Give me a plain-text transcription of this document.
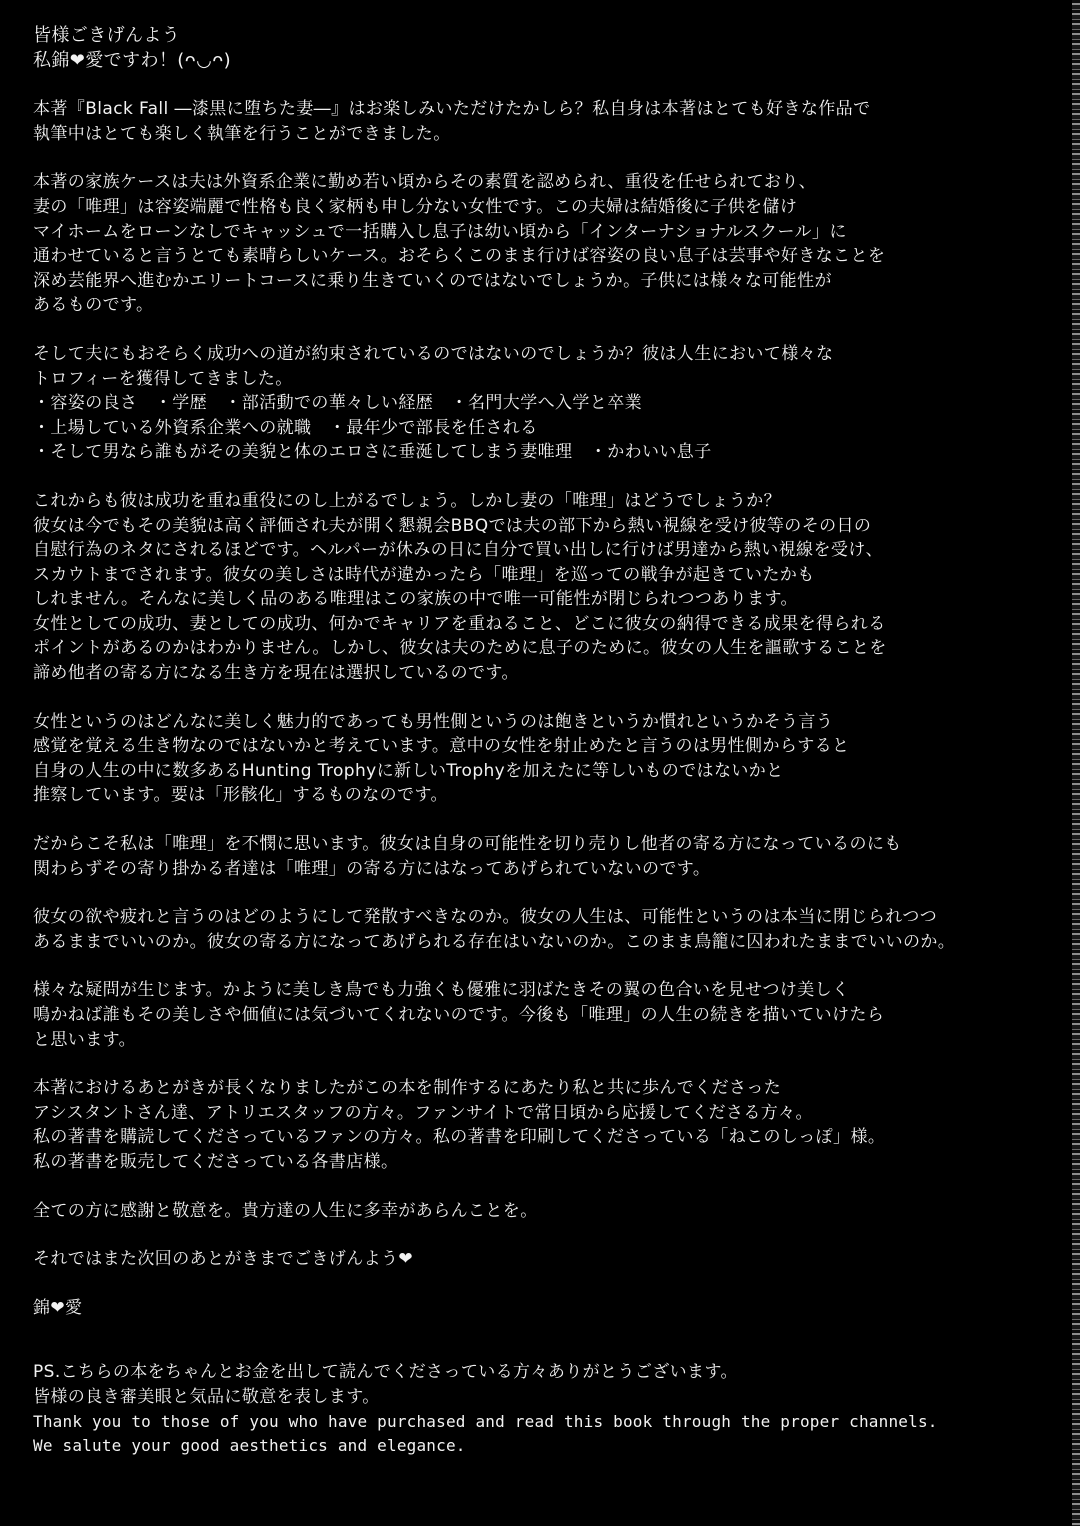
皆様ごきげんよう
私錦❤愛ですわ！(ᴖ◡ᴖ)
本著『Black Fall ―漆黒に堕ちた妻―』はお楽しみいただけたかしら？私自身は本著はとても好きな作品で
執筆中はとても楽しく執筆を行うことができました。
本著の家族ケースは夫は外資系企業に勤め若い頃からその素質を認められ、重役を任せられており、
妻の「唯理」は容姿端麗で性格も良く家柄も申し分ない女性です。この夫婦は結婚後に子供を儲け
マイホームをローンなしでキャッシュで一括購入し息子は幼い頃から「インターナショナルスクール」に
通わせていると言うとても素晴らしいケース。おそらくこのまま行けば容姿の良い息子は芸事や好きなことを
深め芸能界へ進むかエリートコースに乗り生きていくのではないでしょうか。子供には様々な可能性が
あるものです。
そして夫にもおそらく成功への道が約束されているのではないのでしょうか？彼は人生において様々な
トロフィーを獲得してきました。
・容姿の良さ　・学歴　・部活動での華々しい経歴　・名門大学へ入学と卒業
・上場している外資系企業への就職　・最年少で部長を任される
・そして男なら誰もがその美貌と体のエロさに垂涎してしまう妻唯理　・かわいい息子
これからも彼は成功を重ね重役にのし上がるでしょう。しかし妻の「唯理」はどうでしょうか？
彼女は今でもその美貌は高く評価され夫が開く懇親会BBQでは夫の部下から熱い視線を受け彼等のその日の
自慰行為のネタにされるほどです。ヘルパーが休みの日に自分で買い出しに行けば男達から熱い視線を受け、
スカウトまでされます。彼女の美しさは時代が違かったら「唯理」を巡っての戦争が起きていたかも
しれません。そんなに美しく品のある唯理はこの家族の中で唯一可能性が閉じられつつあります。
女性としての成功、妻としての成功、何かでキャリアを重ねること、どこに彼女の納得できる成果を得られる
ポイントがあるのかはわかりません。しかし、彼女は夫のために息子のために。彼女の人生を謳歌することを
諦め他者の寄る方になる生き方を現在は選択しているのです。
女性というのはどんなに美しく魅力的であっても男性側というのは飽きというか慣れというかそう言う
感覚を覚える生き物なのではないかと考えています。意中の女性を射止めたと言うのは男性側からすると
自身の人生の中に数多あるHunting Trophyに新しいTrophyを加えたに等しいものではないかと
推察しています。要は「形骸化」するものなのです。
だからこそ私は「唯理」を不憫に思います。彼女は自身の可能性を切り売りし他者の寄る方になっているのにも
関わらずその寄り掛かる者達は「唯理」の寄る方にはなってあげられていないのです。
彼女の欲や疲れと言うのはどのようにして発散すべきなのか。彼女の人生は、可能性というのは本当に閉じられつつ
あるままでいいのか。彼女の寄る方になってあげられる存在はいないのか。このまま鳥籠に囚われたままでいいのか。
様々な疑問が生じます。かように美しき鳥でも力強くも優雅に羽ばたきその翼の色合いを見せつけ美しく
鳴かねば誰もその美しさや価値には気づいてくれないのです。今後も「唯理」の人生の続きを描いていけたら
と思います。
本著におけるあとがきが長くなりましたがこの本を制作するにあたり私と共に歩んでくださった
アシスタントさん達、アトリエスタッフの方々。ファンサイトで常日頃から応援してくださる方々。
私の著書を購読してくださっているファンの方々。私の著書を印刷してくださっている「ねこのしっぽ」様。
私の著書を販売してくださっている各書店様。
全ての方に感謝と敬意を。貴方達の人生に多幸があらんことを。
それではまた次回のあとがきまでごきげんよう❤
錦❤愛
PS.こちらの本をちゃんとお金を出して読んでくださっている方々ありがとうございます。
皆様の良き審美眼と気品に敬意を表します。
Thank you to those of you who have purchased and read this book through the proper channels.
We salute your good aesthetics and elegance.
